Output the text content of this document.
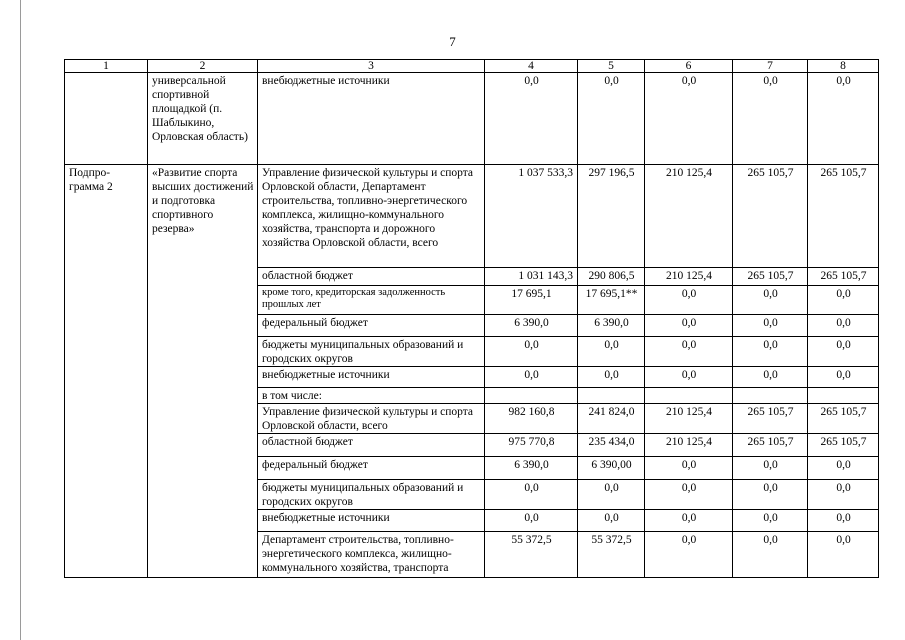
7
1	2	3	4	5	6	7	8
	универсальной спортивной площадкой (п. Шаблыкино, Орловская область)	внебюджетные источники	0,0	0,0	0,0	0,0	0,0
Подпро-грамма 2	«Развитие спорта высших достижений и подготовка спортивного резерва»	Управление физической культуры и спорта Орловской области, Департамент строительства, топливно-энергетического комплекса, жилищно-коммунального хозяйства, транспорта и дорожного хозяйства Орловской области, всего	1 037 533,3	297 196,5	210 125,4	265 105,7	265 105,7
		областной бюджет	1 031 143,3	290 806,5	210 125,4	265 105,7	265 105,7
		кроме того, кредиторская задолженность прошлых лет	17 695,1	17 695,1**	0,0	0,0	0,0
		федеральный бюджет	6 390,0	6 390,0	0,0	0,0	0,0
		бюджеты муниципальных образований и городских округов	0,0	0,0	0,0	0,0	0,0
		внебюджетные источники	0,0	0,0	0,0	0,0	0,0
		в том числе:					
		Управление физической культуры и спорта Орловской области, всего	982 160,8	241 824,0	210 125,4	265 105,7	265 105,7
		областной бюджет	975 770,8	235 434,0	210 125,4	265 105,7	265 105,7
		федеральный бюджет	6 390,0	6 390,00	0,0	0,0	0,0
		бюджеты муниципальных образований и городских округов	0,0	0,0	0,0	0,0	0,0
		внебюджетные источники	0,0	0,0	0,0	0,0	0,0
		Департамент строительства, топливно-энергетического комплекса, жилищно-коммунального хозяйства, транспорта	55 372,5	55 372,5	0,0	0,0	0,0
